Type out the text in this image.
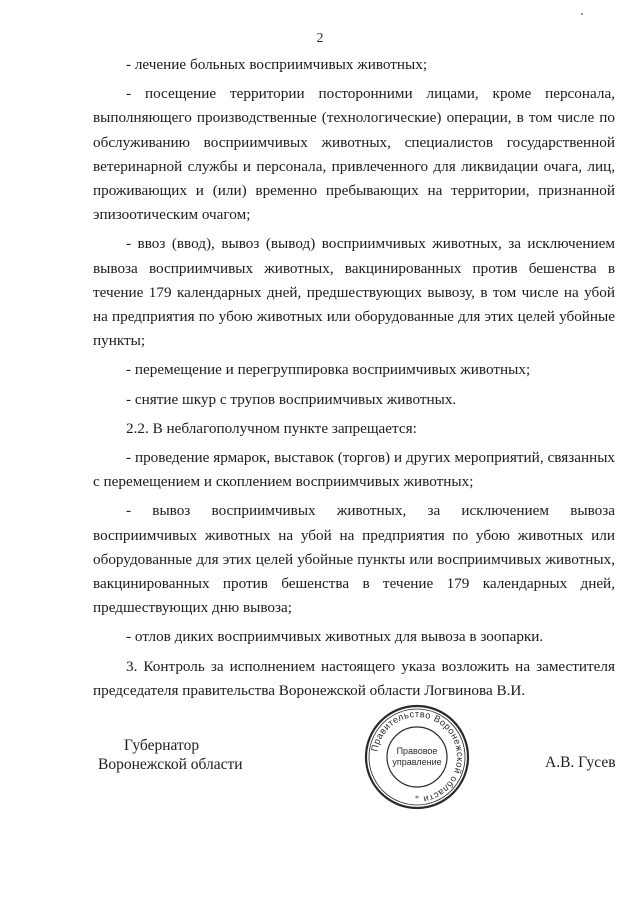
2

- лечение больных восприимчивых животных;

- посещение территории посторонними лицами, кроме персонала, выполняющего производственные (технологические) операции, в том числе по обслуживанию восприимчивых животных, специалистов государственной ветеринарной службы и персонала, привлеченного для ликвидации очага, лиц, проживающих и (или) временно пребывающих на территории, признанной эпизоотическим очагом;

- ввоз (ввод), вывоз (вывод) восприимчивых животных, за исключением вывоза восприимчивых животных, вакцинированных против бешенства в течение 179 календарных дней, предшествующих вывозу, в том числе на убой на предприятия по убою животных или оборудованные для этих целей убойные пункты;

- перемещение и перегруппировка восприимчивых животных;

- снятие шкур с трупов восприимчивых животных.

2.2. В неблагополучном пункте запрещается:

- проведение ярмарок, выставок (торгов) и других мероприятий, связанных с перемещением и скоплением восприимчивых животных;

- вывоз восприимчивых животных, за исключением вывоза восприимчивых животных на убой на предприятия по убою животных или оборудованные для этих целей убойные пункты или восприимчивых животных, вакцинированных против бешенства в течение 179 календарных дней, предшествующих дню вывоза;

- отлов диких восприимчивых животных для вывоза в зоопарки.

3. Контроль за исполнением настоящего указа возложить на заместителя председателя правительства Воронежской области Логвинова В.И.

Губернатор
Воронежской области	А.В. Гусев
Правительство Воронежской области
Правовое
управление
*
